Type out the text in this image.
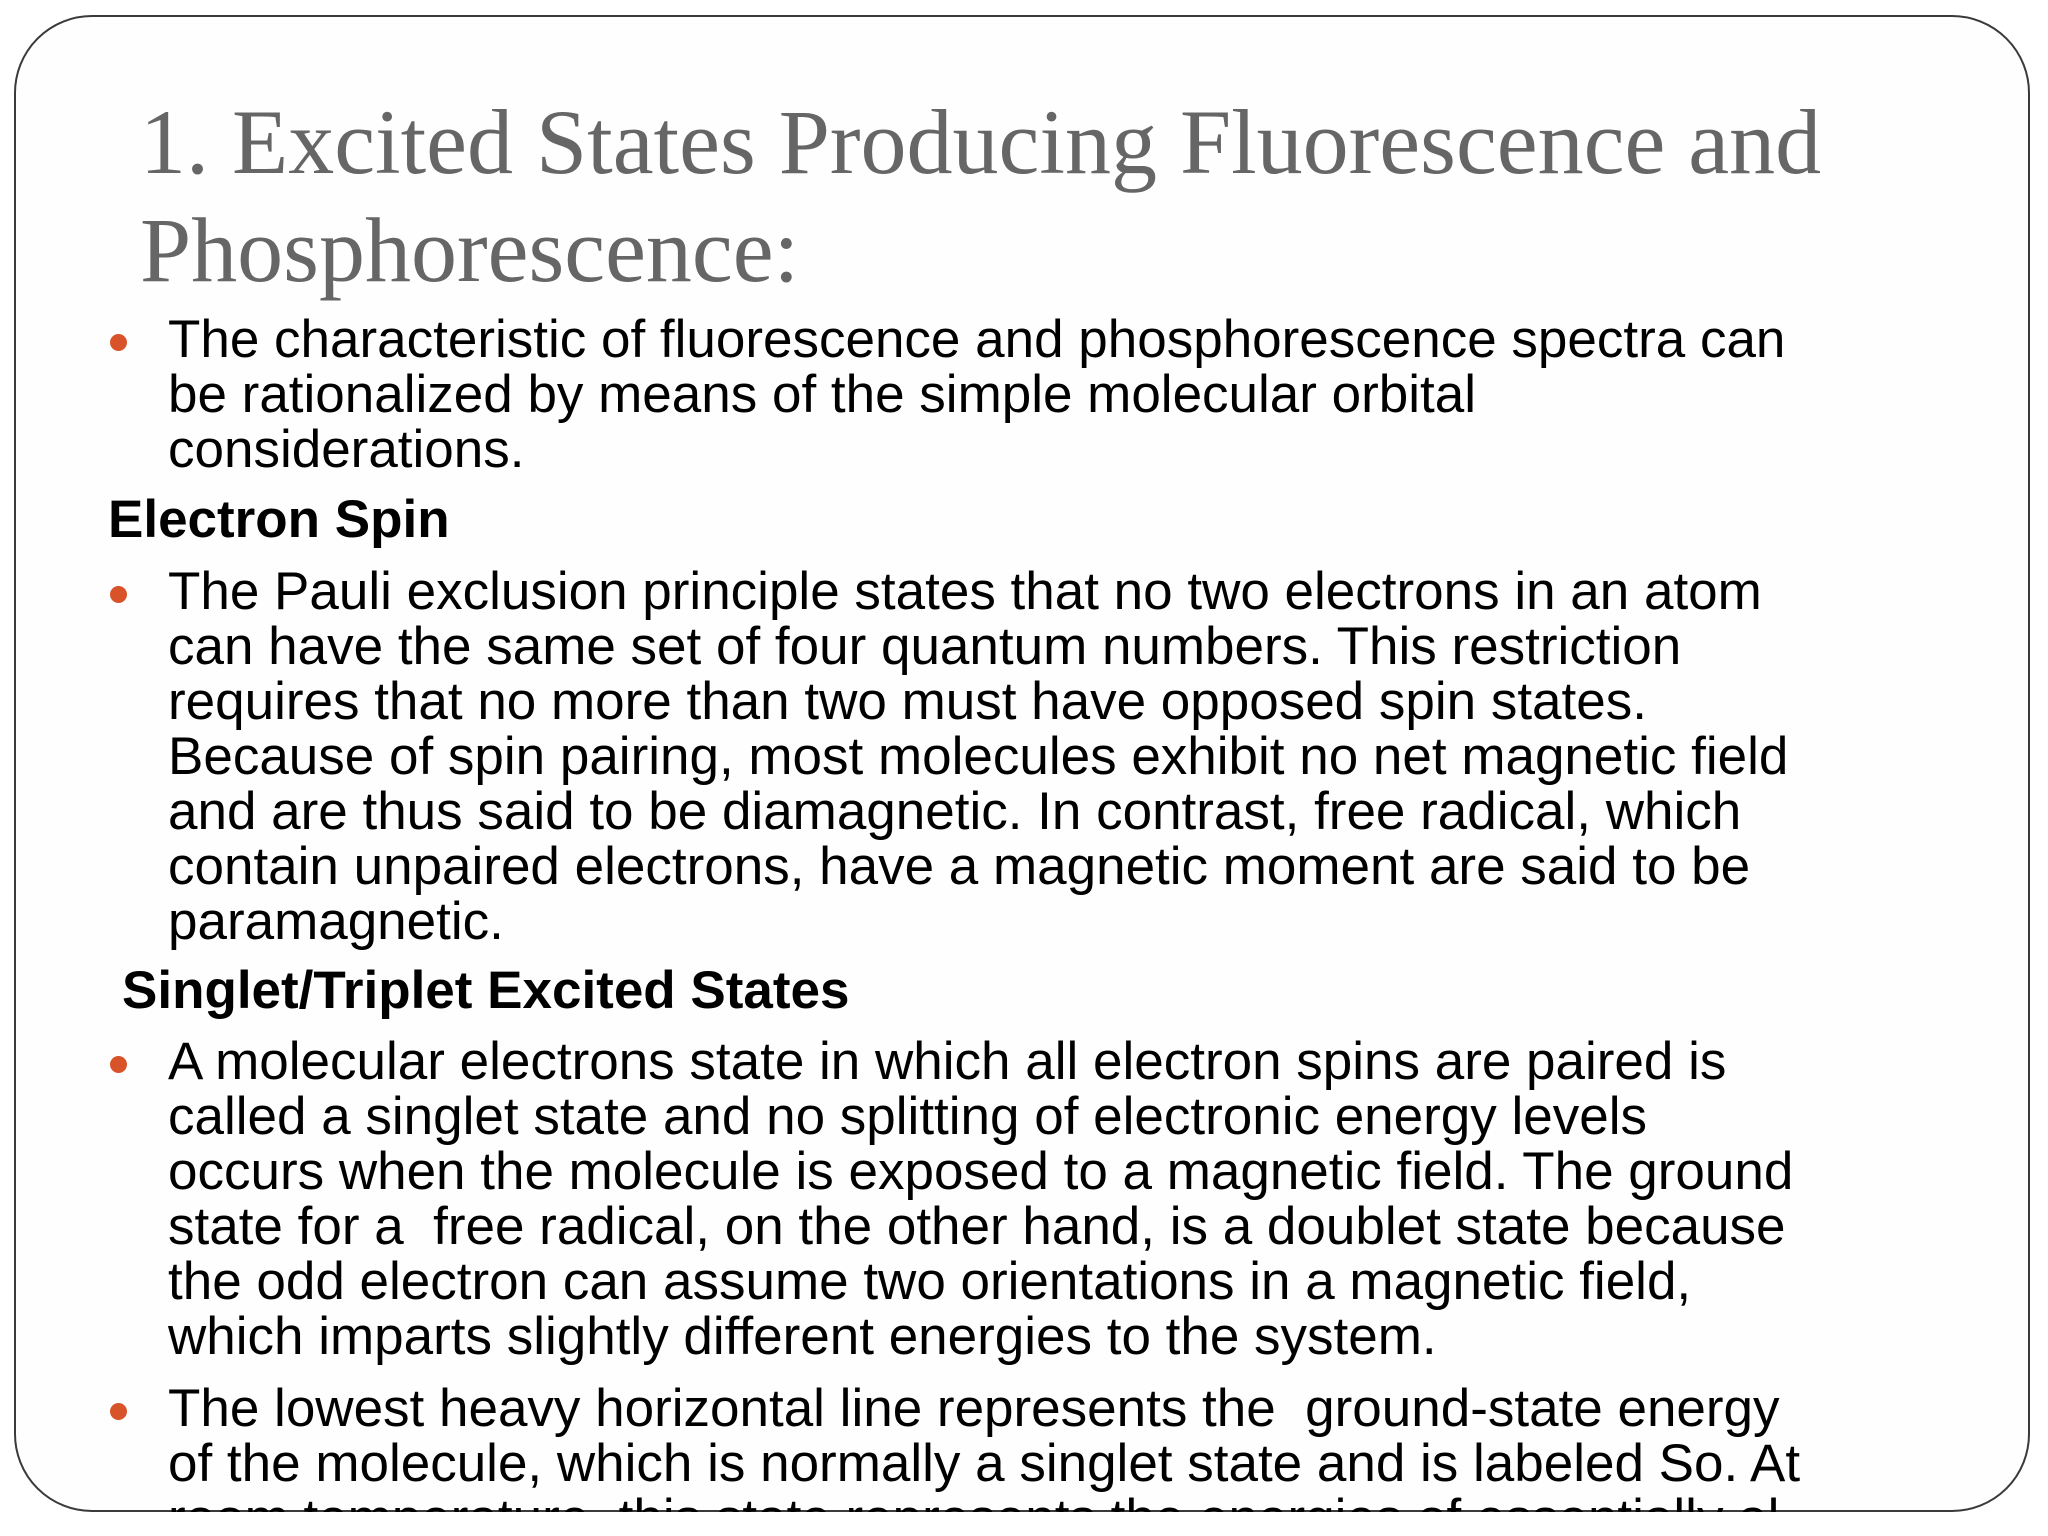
1. Excited States Producing Fluorescence and Phosphorescence:

The characteristic of fluorescence and phosphorescence spectra can
be rationalized by means of the simple molecular orbital
considerations.

Electron Spin

The Pauli exclusion principle states that no two electrons in an atom
can have the same set of four quantum numbers. This restriction
requires that no more than two must have opposed spin states.
Because of spin pairing, most molecules exhibit no net magnetic field
and are thus said to be diamagnetic. In contrast, free radical, which
contain unpaired electrons, have a magnetic moment are said to be
paramagnetic.

Singlet/Triplet Excited States

A molecular electrons state in which all electron spins are paired is
called a singlet state and no splitting of electronic energy levels
occurs when the molecule is exposed to a magnetic field. The ground
state for a  free radical, on the other hand, is a doublet state because
the odd electron can assume two orientations in a magnetic field,
which imparts slightly different energies to the system.

The lowest heavy horizontal line represents the  ground-state energy
of the molecule, which is normally a singlet state and is labeled So. At
